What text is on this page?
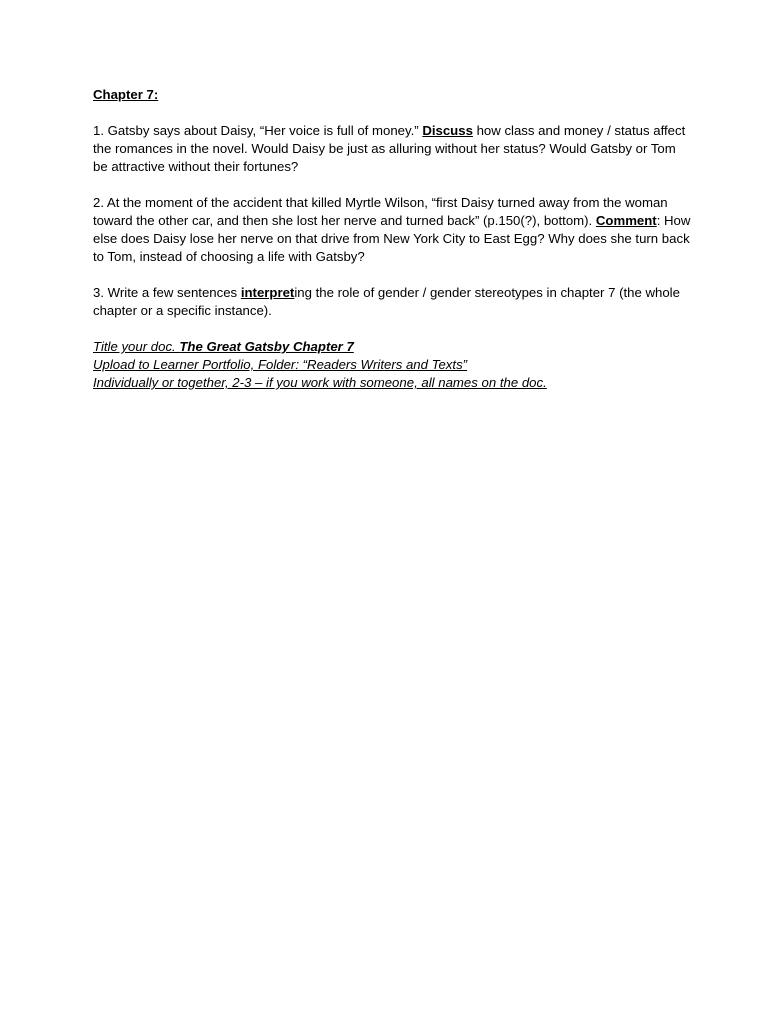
Chapter 7:

1. Gatsby says about Daisy, “Her voice is full of money.” Discuss how class and money / status affect the romances in the novel. Would Daisy be just as alluring without her status? Would Gatsby or Tom be attractive without their fortunes?

2. At the moment of the accident that killed Myrtle Wilson, “first Daisy turned away from the woman toward the other car, and then she lost her nerve and turned back” (p.150(?), bottom). Comment: How else does Daisy lose her nerve on that drive from New York City to East Egg? Why does she turn back to Tom, instead of choosing a life with Gatsby?

3. Write a few sentences interpreting the role of gender / gender stereotypes in chapter 7 (the whole chapter or a specific instance).

Title your doc. The Great Gatsby Chapter 7

Upload to Learner Portfolio, Folder: “Readers Writers and Texts”

Individually or together, 2-3 – if you work with someone, all names on the doc.
